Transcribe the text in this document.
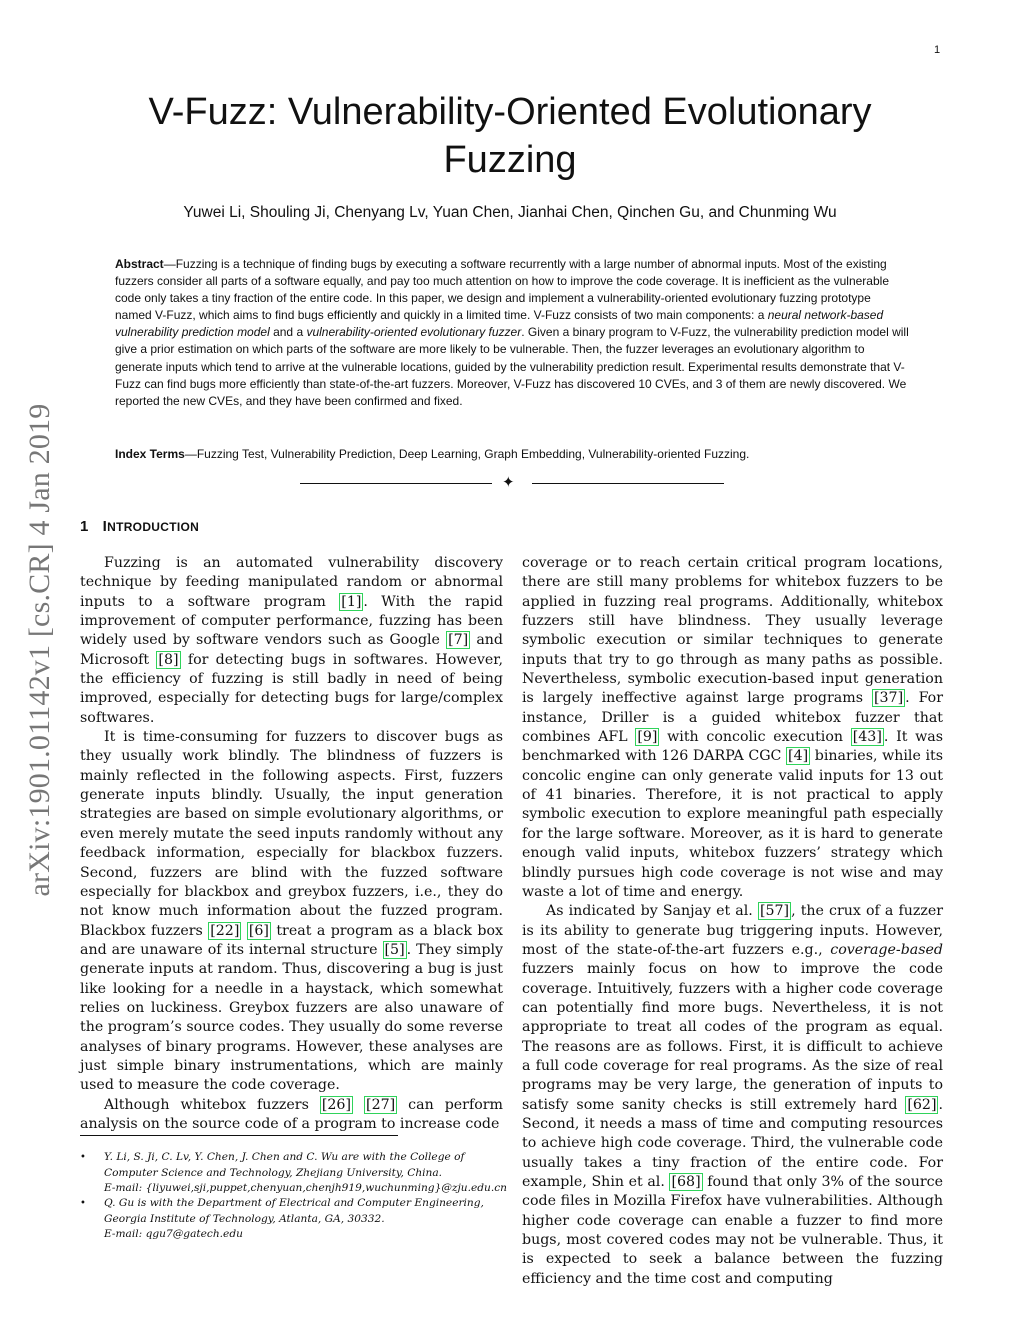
1
arXiv:1901.01142v1 [cs.CR] 4 Jan 2019
V-Fuzz: Vulnerability-Oriented Evolutionary
Fuzzing

Yuwei Li, Shouling Ji, Chenyang Lv, Yuan Chen, Jianhai Chen, Qinchen Gu, and Chunming Wu

Abstract—Fuzzing is a technique of finding bugs by executing a software recurrently with a large number of abnormal inputs. Most of the existing fuzzers consider all parts of a software equally, and pay too much attention on how to improve the code coverage. It is inefficient as the vulnerable code only takes a tiny fraction of the entire code. In this paper, we design and implement a vulnerability-oriented evolutionary fuzzing prototype named V-Fuzz, which aims to find bugs efficiently and quickly in a limited time. V-Fuzz consists of two main components: a neural network-based vulnerability prediction model and a vulnerability-oriented evolutionary fuzzer. Given a binary program to V-Fuzz, the vulnerability prediction model will give a prior estimation on which parts of the software are more likely to be vulnerable. Then, the fuzzer leverages an evolutionary algorithm to generate inputs which tend to arrive at the vulnerable locations, guided by the vulnerability prediction result. Experimental results demonstrate that V-Fuzz can find bugs more efficiently than state-of-the-art fuzzers. Moreover, V-Fuzz has discovered 10 CVEs, and 3 of them are newly discovered. We reported the new CVEs, and they have been confirmed and fixed.

Index Terms—Fuzzing Test, Vulnerability Prediction, Deep Learning, Graph Embedding, Vulnerability-oriented Fuzzing.

✦
1 INTRODUCTION

Fuzzing is an automated vulnerability discovery technique by feeding manipulated random or abnormal inputs to a software program [ 1 ] . With the rapid improvement of computer performance, fuzzing has been widely used by software vendors such as Google [ 7 ] and Microsoft [ 8 ] for detecting bugs in softwares. However, the efficiency of fuzzing is still badly in need of being improved, especially for detecting bugs for large/complex softwares.

It is time-consuming for fuzzers to discover bugs as they usually work blindly. The blindness of fuzzers is mainly reflected in the following aspects. First, fuzzers generate inputs blindly. Usually, the input generation strategies are based on simple evolutionary algorithms, or even merely mutate the seed inputs randomly without any feedback information, especially for blackbox fuzzers. Second, fuzzers are blind with the fuzzed software especially for blackbox and greybox fuzzers, i.e., they do not know much information about the fuzzed program. Blackbox fuzzers [ 22 ] [ 6 ] treat a program as a black box and are unaware of its internal structure [ 5 ] . They simply generate inputs at random. Thus, discovering a bug is just like looking for a needle in a haystack, which somewhat relies on luckiness. Greybox fuzzers are also unaware of the program’s source codes. They usually do some reverse analyses of binary programs. However, these analyses are just simple binary instrumentations, which are mainly used to measure the code coverage.

Although whitebox fuzzers [ 26 ] [ 27 ] can perform analysis on the source code of a program to increase code

coverage or to reach certain critical program locations, there are still many problems for whitebox fuzzers to be applied in fuzzing real programs. Additionally, whitebox fuzzers still have blindness. They usually leverage symbolic execution or similar techniques to generate inputs that try to go through as many paths as possible. Nevertheless, symbolic execution-based input generation is largely ineffective against large programs [ 37 ] . For instance, Driller is a guided whitebox fuzzer that combines AFL [ 9 ] with concolic execution [ 43 ] . It was benchmarked with 126 DARPA CGC [ 4 ] binaries, while its concolic engine can only generate valid inputs for 13 out of 41 binaries. Therefore, it is not practical to apply symbolic execution to explore meaningful path especially for the large software. Moreover, as it is hard to generate enough valid inputs, whitebox fuzzers’ strategy which blindly pursues high code coverage is not wise and may waste a lot of time and energy.

As indicated by Sanjay et al. [ 57 ] , the crux of a fuzzer is its ability to generate bug triggering inputs. However, most of the state-of-the-art fuzzers e.g., coverage-based fuzzers mainly focus on how to improve the code coverage. Intuitively, fuzzers with a higher code coverage can potentially find more bugs. Nevertheless, it is not appropriate to treat all codes of the program as equal. The reasons are as follows. First, it is difficult to achieve a full code coverage for real programs. As the size of real programs may be very large, the generation of inputs to satisfy some sanity checks is still extremely hard [ 62 ] . Second, it needs a mass of time and computing resources to achieve high code coverage. Third, the vulnerable code usually takes a tiny fraction of the entire code. For example, Shin et al. [ 68 ] found that only 3% of the source code files in Mozilla Firefox have vulnerabilities. Although higher code coverage can enable a fuzzer to find more bugs, most covered codes may not be vulnerable. Thus, it is expected to seek a balance between the fuzzing efficiency and the time cost and computing

• Y. Li, S. Ji, C. Lv, Y. Chen, J. Chen and C. Wu are with the College of
Computer Science and Technology, Zhejiang University, China.
E-mail: {liyuwei,sji,puppet,chenyuan,chenjh919,wuchunming}@zju.edu.cn
• Q. Gu is with the Department of Electrical and Computer Engineering,
Georgia Institute of Technology, Atlanta, GA, 30332.
E-mail: qgu7@gatech.edu
